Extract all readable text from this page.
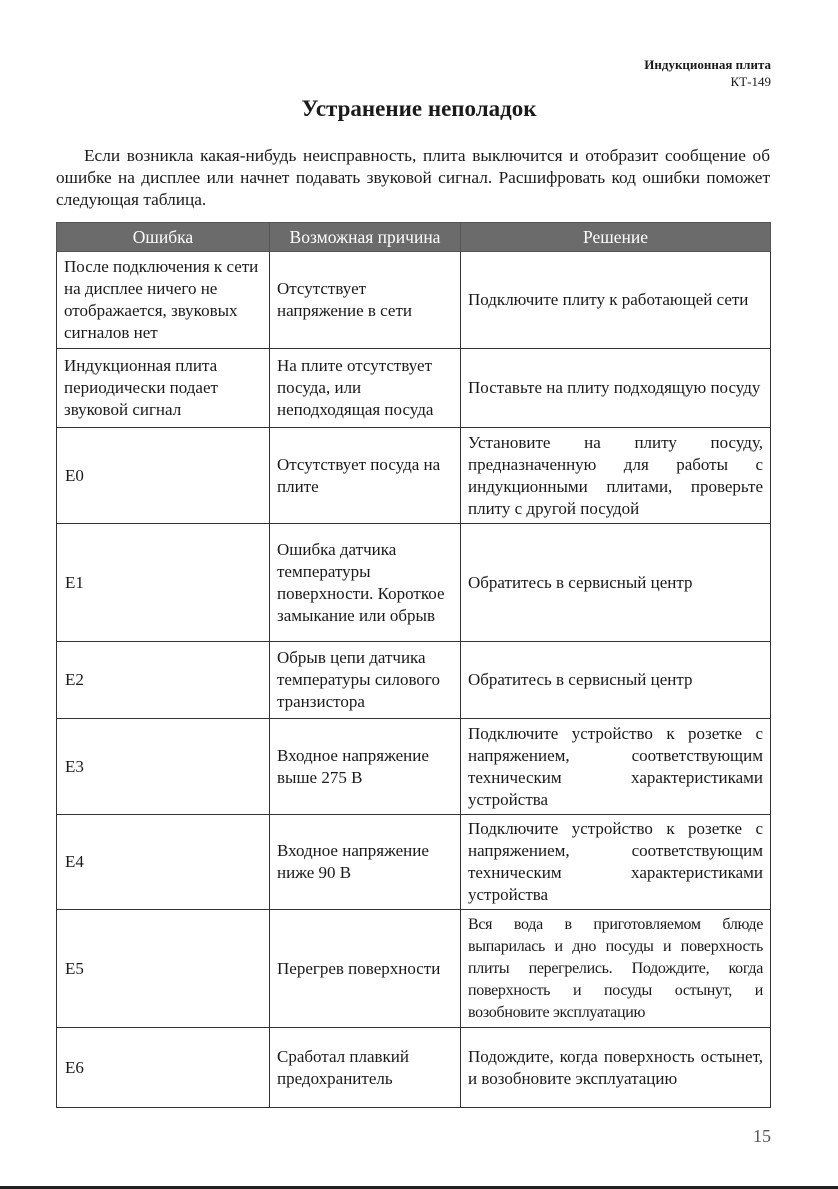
Индукционная плита
КТ-149
Устранение неполадок

Если возникла какая-нибудь неисправность, плита выключится и отобразит сообщение об ошибке на дисплее или начнет подавать звуковой сигнал. Расшифровать код ошибки поможет следующая таблица.

Ошибка	Возможная причина	Решение
После подключения к сети на дисплее ничего не отображается, звуковых сигналов нет	Отсутствует напряжение в сети	Подключите плиту к работающей сети
Индукционная плита периодически подает звуковой сигнал	На плите отсутствует посуда, или неподходящая посуда	Поставьте на плиту подходящую посуду
Е0	Отсутствует посуда на плите	Установите на плиту посуду, предназначенную для работы с индукционными плитами, проверьте плиту с другой посудой
Е1	Ошибка датчика температуры поверхности. Короткое замыкание или обрыв	Обратитесь в сервисный центр
Е2	Обрыв цепи датчика температуры силового транзистора	Обратитесь в сервисный центр
Е3	Входное напряжение выше 275 В	Подключите устройство к розетке с напряжением, соответствующим техническим характеристиками устройства
Е4	Входное напряжение ниже 90 В	Подключите устройство к розетке с напряжением, соответствующим техническим характеристиками устройства
Е5	Перегрев поверхности	Вся вода в приготовляемом блюде выпарилась и дно посуды и поверхность плиты перегрелись. Подождите, когда поверхность и посуды остынут, и возобновите эксплуатацию
Е6	Сработал плавкий предохранитель	Подождите, когда поверхность остынет, и возобновите эксплуатацию
15
